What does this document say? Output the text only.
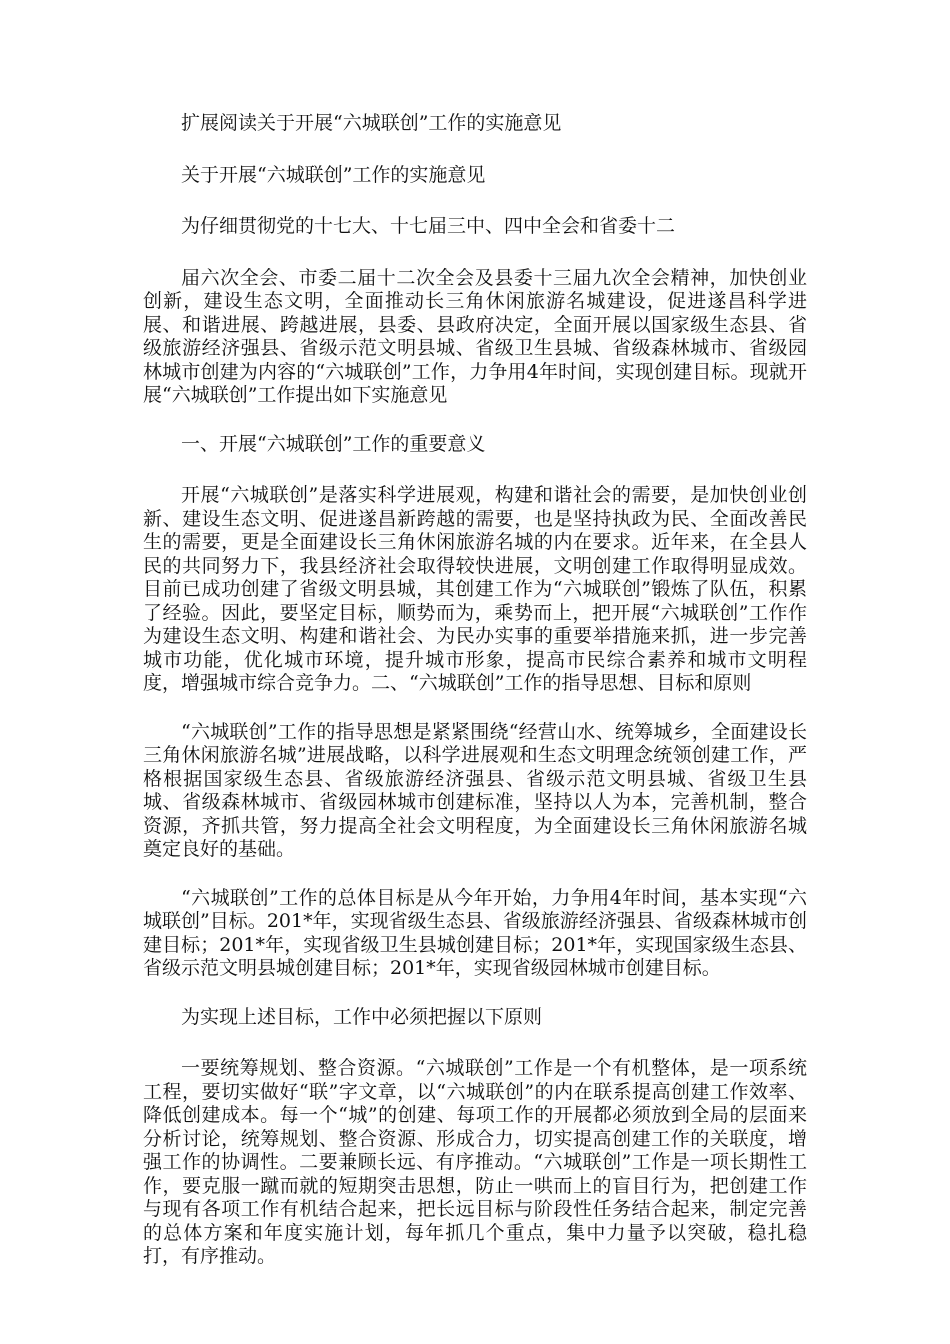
扩展阅读关于开展“六城联创”工作的实施意见

关于开展“六城联创”工作的实施意见

为仔细贯彻党的十七大、十七届三中、四中全会和省委十二

届六次全会、市委二届十二次全会及县委十三届九次全会精神，加快创业创新，建设生态文明，全面推动长三角休闲旅游名城建设，促进遂昌科学进展、和谐进展、跨越进展，县委、县政府决定，全面开展以国家级生态县、省级旅游经济强县、省级示范文明县城、省级卫生县城、省级森林城市、省级园林城市创建为内容的“六城联创”工作，力争用4年时间，实现创建目标。现就开展“六城联创”工作提出如下实施意见

一、开展“六城联创”工作的重要意义

开展“六城联创”是落实科学进展观，构建和谐社会的需要，是加快创业创新、建设生态文明、促进遂昌新跨越的需要，也是坚持执政为民、全面改善民生的需要，更是全面建设长三角休闲旅游名城的内在要求。近年来，在全县人民的共同努力下，我县经济社会取得较快进展，文明创建工作取得明显成效。目前已成功创建了省级文明县城，其创建工作为“六城联创”锻炼了队伍，积累了经验。因此，要坚定目标，顺势而为，乘势而上，把开展“六城联创”工作作为建设生态文明、构建和谐社会、为民办实事的重要举措施来抓，进一步完善城市功能，优化城市环境，提升城市形象，提高市民综合素养和城市文明程度，增强城市综合竞争力。二、“六城联创”工作的指导思想、目标和原则

“六城联创”工作的指导思想是紧紧围绕“经营山水、统筹城乡，全面建设长三角休闲旅游名城”进展战略，以科学进展观和生态文明理念统领创建工作，严格根据国家级生态县、省级旅游经济强县、省级示范文明县城、省级卫生县城、省级森林城市、省级园林城市创建标准，坚持以人为本，完善机制，整合资源，齐抓共管，努力提高全社会文明程度，为全面建设长三角休闲旅游名城奠定良好的基础。

“六城联创”工作的总体目标是从今年开始，力争用4年时间，基本实现“六城联创”目标。201*年，实现省级生态县、省级旅游经济强县、省级森林城市创建目标；201*年，实现省级卫生县城创建目标；201*年，实现国家级生态县、省级示范文明县城创建目标；201*年，实现省级园林城市创建目标。

为实现上述目标，工作中必须把握以下原则

一要统筹规划、整合资源。“六城联创”工作是一个有机整体，是一项系统工程，要切实做好“联”字文章，以“六城联创”的内在联系提高创建工作效率、降低创建成本。每一个“城”的创建、每项工作的开展都必须放到全局的层面来分析讨论，统筹规划、整合资源、形成合力，切实提高创建工作的关联度，增强工作的协调性。二要兼顾长远、有序推动。“六城联创”工作是一项长期性工作，要克服一蹴而就的短期突击思想，防止一哄而上的盲目行为，把创建工作与现有各项工作有机结合起来，把长远目标与阶段性任务结合起来，制定完善的总体方案和年度实施计划，每年抓几个重点，集中力量予以突破，稳扎稳打，有序推动。
